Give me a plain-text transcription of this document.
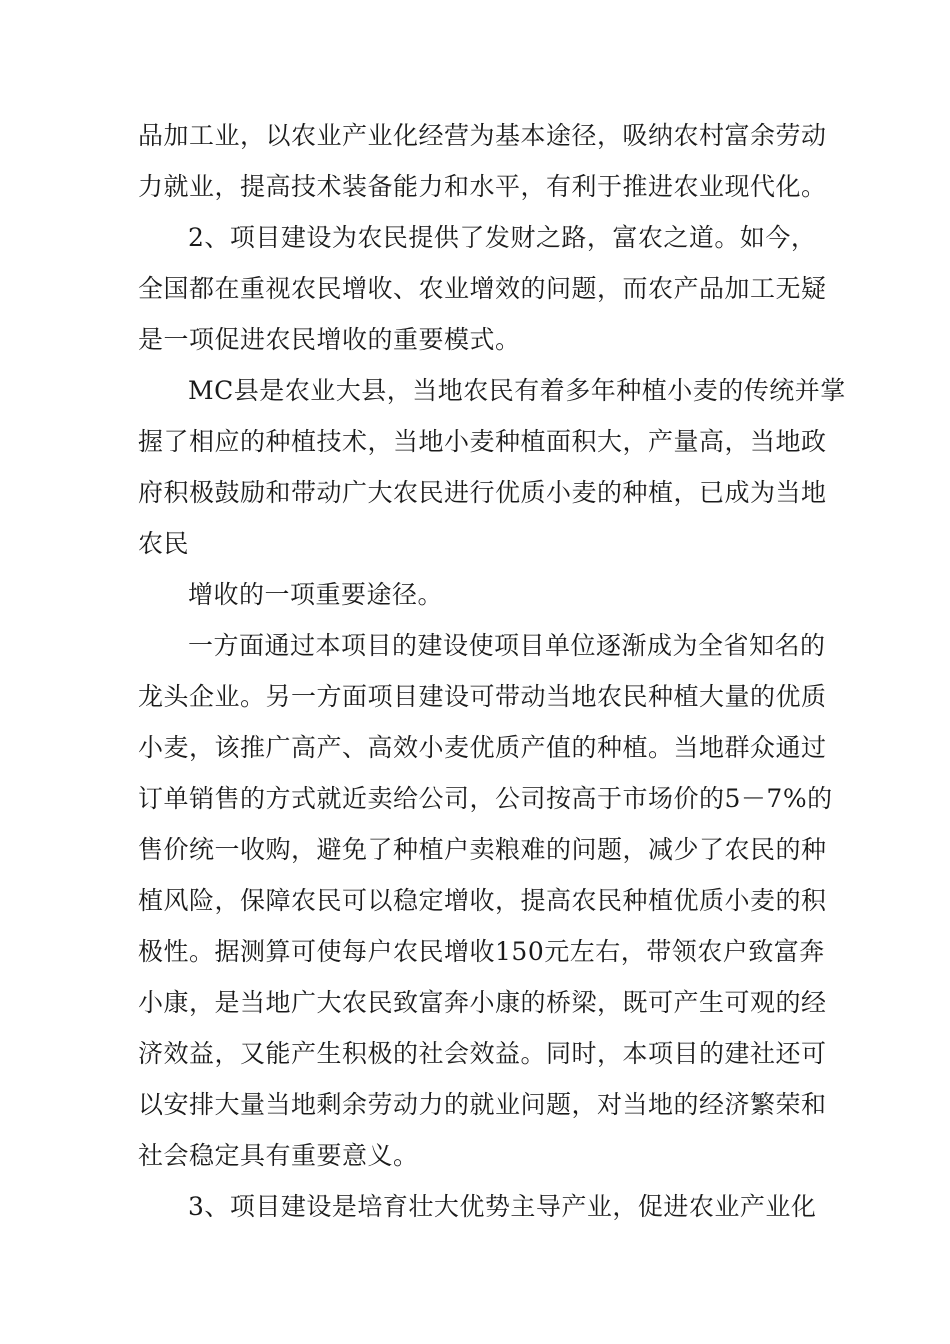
品加工业，以农业产业化经营为基本途径，吸纳农村富余劳动
力就业，提高技术装备能力和水平，有利于推进农业现代化。
2、项目建设为农民提供了发财之路，富农之道。如今，
全国都在重视农民增收、农业增效的问题，而农产品加工无疑
是一项促进农民增收的重要模式。
MC县是农业大县，当地农民有着多年种植小麦的传统并掌
握了相应的种植技术，当地小麦种植面积大，产量高，当地政
府积极鼓励和带动广大农民进行优质小麦的种植，已成为当地
农民
增收的一项重要途径。
一方面通过本项目的建设使项目单位逐渐成为全省知名的
龙头企业。另一方面项目建设可带动当地农民种植大量的优质
小麦，该推广高产、高效小麦优质产值的种植。当地群众通过
订单销售的方式就近卖给公司，公司按高于市场价的5－7%的
售价统一收购，避免了种植户卖粮难的问题，减少了农民的种
植风险，保障农民可以稳定增收，提高农民种植优质小麦的积
极性。据测算可使每户农民增收150元左右，带领农户致富奔
小康，是当地广大农民致富奔小康的桥梁，既可产生可观的经
济效益，又能产生积极的社会效益。同时，本项目的建社还可
以安排大量当地剩余劳动力的就业问题，对当地的经济繁荣和
社会稳定具有重要意义。
3、项目建设是培育壮大优势主导产业，促进农业产业化
